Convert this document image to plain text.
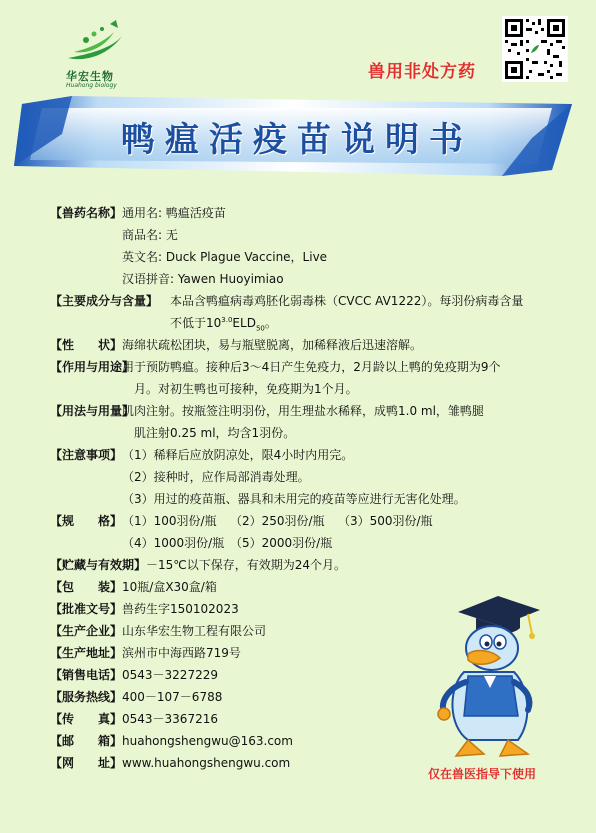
华宏生物
Huahong biology
兽用非处方药
鸭瘟活疫苗说明书
【兽药名称】 通用名: 鸭瘟活疫苗
商品名: 无
英文名: Duck Plague Vaccine，Live
汉语拼音: Yawen Huoyimiao
【主要成分与含量】 本品含鸭瘟病毒鸡胚化弱毒株（CVCC AV1222）。每羽份病毒含量
不低于$10^{3.0}ELD_{50}$。
【性　　状】 海绵状疏松团块，易与瓶壁脱离，加稀释液后迅速溶解。
【作用与用途】
用于预防鸭瘟。接种后3～4日产生免疫力，2月龄以上鸭的免疫期为9个
月。对初生鸭也可接种，免疫期为1个月。
【用法与用量】
肌肉注射。按瓶签注明羽份，用生理盐水稀释，成鸭1.0 ml，雏鸭腿
肌注射0.25 ml，均含1羽份。
【注意事项】 （1）稀释后应放阴凉处，限4小时内用完。
（2）接种时，应作局部消毒处理。
（3）用过的疫苗瓶、器具和未用完的疫苗等应进行无害化处理。
【规　　格】 （1）100羽份/瓶	（2）250羽份/瓶	（3）500羽份/瓶
（4）1000羽份/瓶 （5）2000羽份/瓶
【贮藏与有效期】 －15℃以下保存，有效期为24个月。
【包　　装】 10瓶/盒X30盒/箱
【批准文号】 兽药生字150102023
【生产企业】 山东华宏生物工程有限公司
【生产地址】 滨州市中海西路719号
【销售电话】 0543－3227229
【服务热线】 400－107－6788
【传　　真】 0543－3367216
【邮　　箱】 huahongshengwu@163.com
【网　　址】 www.huahongshengwu.com
仅在兽医指导下使用
